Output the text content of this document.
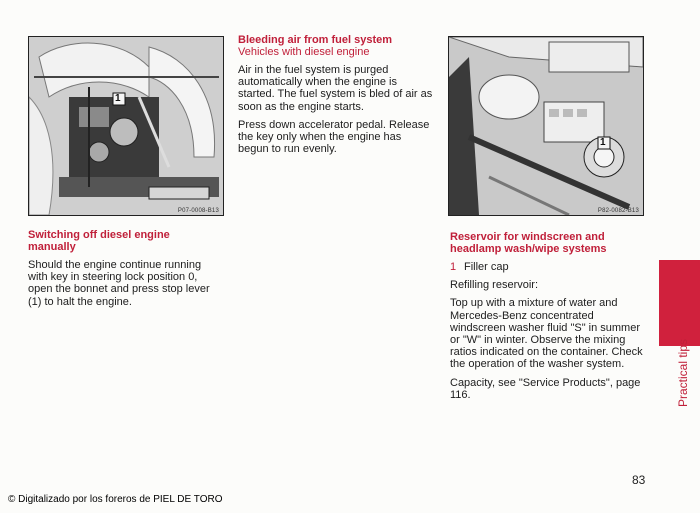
1
P07-0008-B13
1
P82-0082-B13

Bleeding air from fuel system

Vehicles with diesel engine

Air in the fuel system is purged automatically when the engine is started. The fuel system is bled of air as soon as the engine starts.

Press down accelerator pedal. Release the key only when the engine has begun to run evenly.

Switching off diesel engine manually

Should the engine continue running with key in steering lock position 0, open the bonnet and press stop lever (1) to halt the engine.

Reservoir for windscreen and headlamp wash/wipe systems

1 Filler cap

Refilling reservoir:

Top up with a mixture of water and Mercedes-Benz concentrated windscreen washer fluid "S" in summer or "W" in winter. Observe the mixing ratios indicated on the container. Check the operation of the washer system.

Capacity, see "Service Products", page 116.	Practical tips
83
© Digitalizado por los foreros de PIEL DE TORO
